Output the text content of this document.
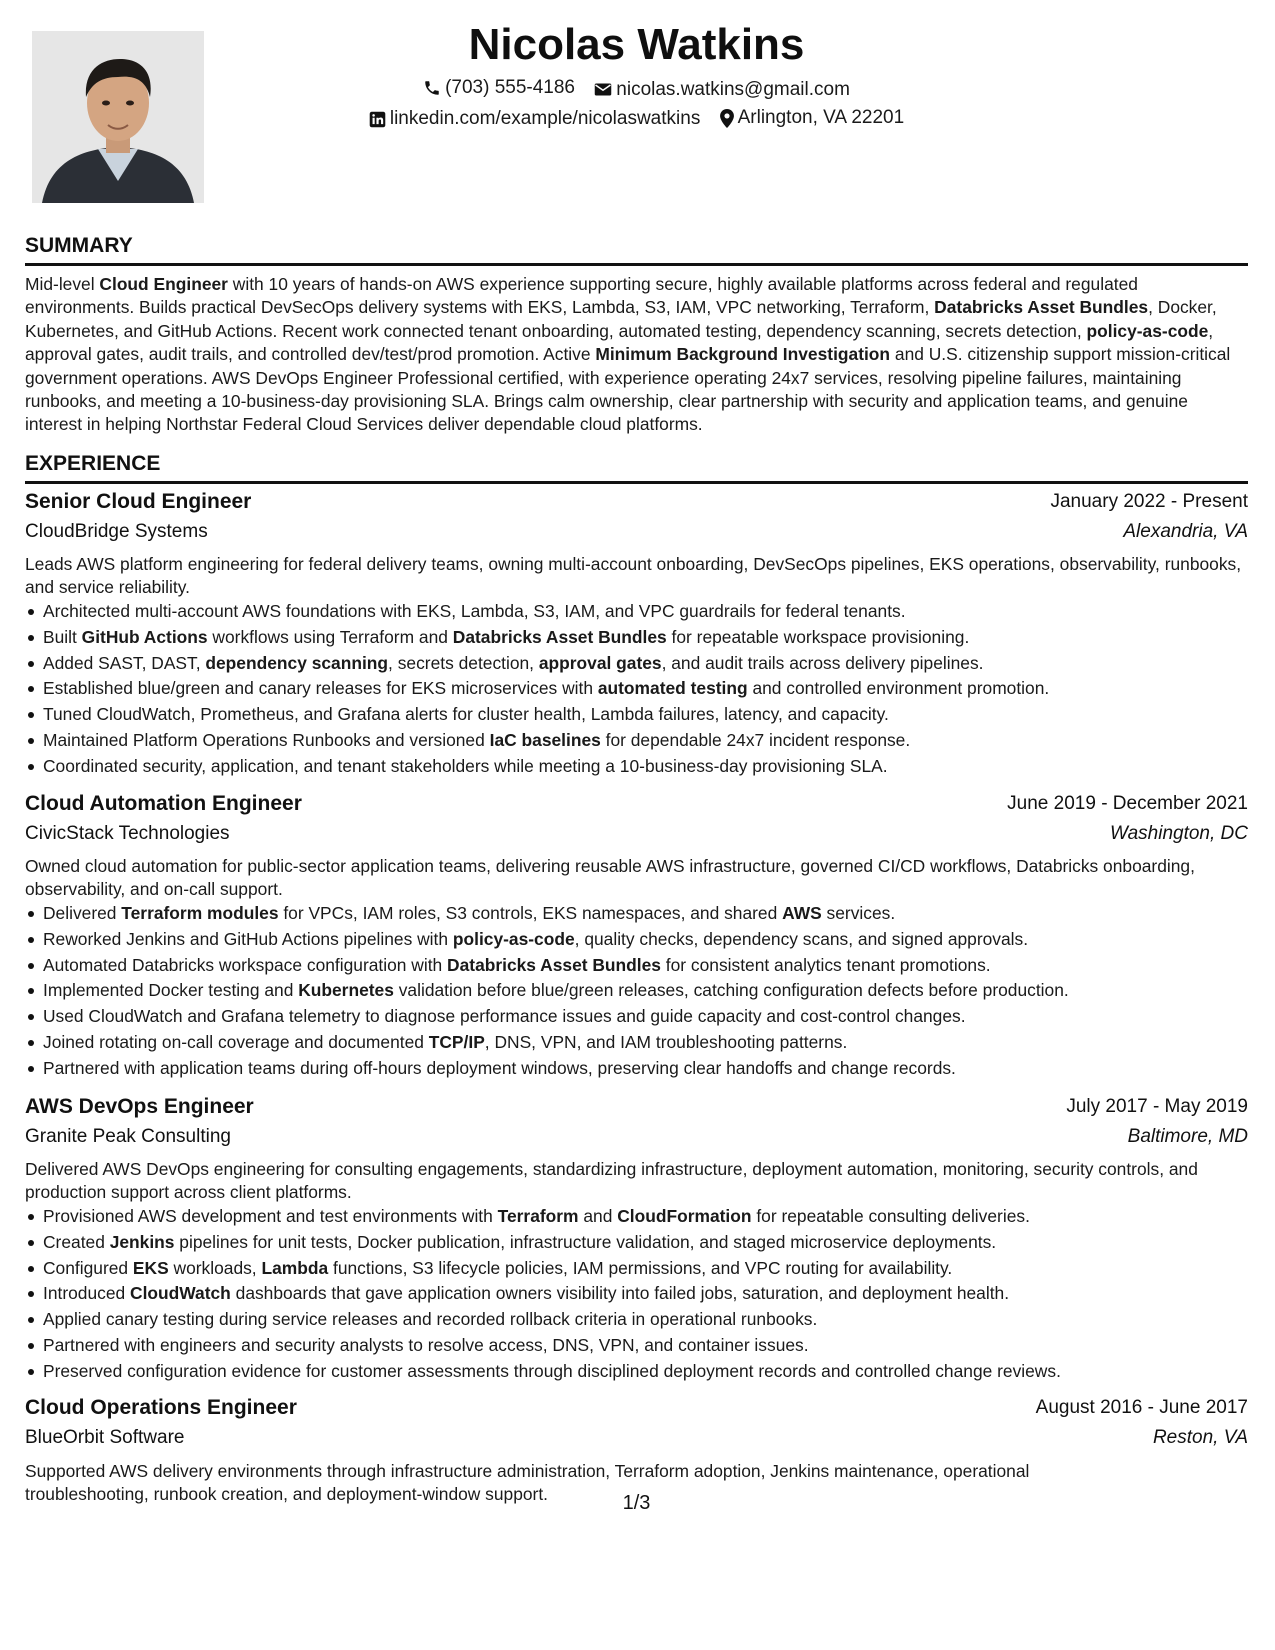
Nicolas Watkins
(703) 555-4186
nicolas.watkins@gmail.com
linkedin.com/example/nicolaswatkins
Arlington, VA 22201
SUMMARY

Mid-level Cloud Engineer with 10 years of hands-on AWS experience supporting secure, highly available platforms across federal and regulated environments. Builds practical DevSecOps delivery systems with EKS, Lambda, S3, IAM, VPC networking, Terraform, Databricks Asset Bundles, Docker, Kubernetes, and GitHub Actions. Recent work connected tenant onboarding, automated testing, dependency scanning, secrets detection, policy-as-code, approval gates, audit trails, and controlled dev/test/prod promotion. Active Minimum Background Investigation and U.S. citizenship support mission-critical government operations. AWS DevOps Engineer Professional certified, with experience operating 24x7 services, resolving pipeline failures, maintaining runbooks, and meeting a 10-business-day provisioning SLA. Brings calm ownership, clear partnership with security and application teams, and genuine interest in helping Northstar Federal Cloud Services deliver dependable cloud platforms.

EXPERIENCE
Senior Cloud Engineer	January 2022 - Present
CloudBridge Systems	Alexandria, VA

Leads AWS platform engineering for federal delivery teams, owning multi-account onboarding, DevSecOps pipelines, EKS operations, observability, runbooks, and service reliability.

Architected multi-account AWS foundations with EKS, Lambda, S3, IAM, and VPC guardrails for federal tenants.
Built GitHub Actions workflows using Terraform and Databricks Asset Bundles for repeatable workspace provisioning.
Added SAST, DAST, dependency scanning, secrets detection, approval gates, and audit trails across delivery pipelines.
Established blue/green and canary releases for EKS microservices with automated testing and controlled environment promotion.
Tuned CloudWatch, Prometheus, and Grafana alerts for cluster health, Lambda failures, latency, and capacity.
Maintained Platform Operations Runbooks and versioned IaC baselines for dependable 24x7 incident response.
Coordinated security, application, and tenant stakeholders while meeting a 10-business-day provisioning SLA.
Cloud Automation Engineer	June 2019 - December 2021
CivicStack Technologies	Washington, DC

Owned cloud automation for public-sector application teams, delivering reusable AWS infrastructure, governed CI/CD workflows, Databricks onboarding, observability, and on-call support.

Delivered Terraform modules for VPCs, IAM roles, S3 controls, EKS namespaces, and shared AWS services.
Reworked Jenkins and GitHub Actions pipelines with policy-as-code, quality checks, dependency scans, and signed approvals.
Automated Databricks workspace configuration with Databricks Asset Bundles for consistent analytics tenant promotions.
Implemented Docker testing and Kubernetes validation before blue/green releases, catching configuration defects before production.
Used CloudWatch and Grafana telemetry to diagnose performance issues and guide capacity and cost-control changes.
Joined rotating on-call coverage and documented TCP/IP, DNS, VPN, and IAM troubleshooting patterns.
Partnered with application teams during off-hours deployment windows, preserving clear handoffs and change records.
AWS DevOps Engineer	July 2017 - May 2019
Granite Peak Consulting	Baltimore, MD

Delivered AWS DevOps engineering for consulting engagements, standardizing infrastructure, deployment automation, monitoring, security controls, and production support across client platforms.

Provisioned AWS development and test environments with Terraform and CloudFormation for repeatable consulting deliveries.
Created Jenkins pipelines for unit tests, Docker publication, infrastructure validation, and staged microservice deployments.
Configured EKS workloads, Lambda functions, S3 lifecycle policies, IAM permissions, and VPC routing for availability.
Introduced CloudWatch dashboards that gave application owners visibility into failed jobs, saturation, and deployment health.
Applied canary testing during service releases and recorded rollback criteria in operational runbooks.
Partnered with engineers and security analysts to resolve access, DNS, VPN, and container issues.
Preserved configuration evidence for customer assessments through disciplined deployment records and controlled change reviews.
Cloud Operations Engineer	August 2016 - June 2017
BlueOrbit Software	Reston, VA

Supported AWS delivery environments through infrastructure administration, Terraform adoption, Jenkins maintenance, operational troubleshooting, runbook creation, and deployment-window support.	1/3
